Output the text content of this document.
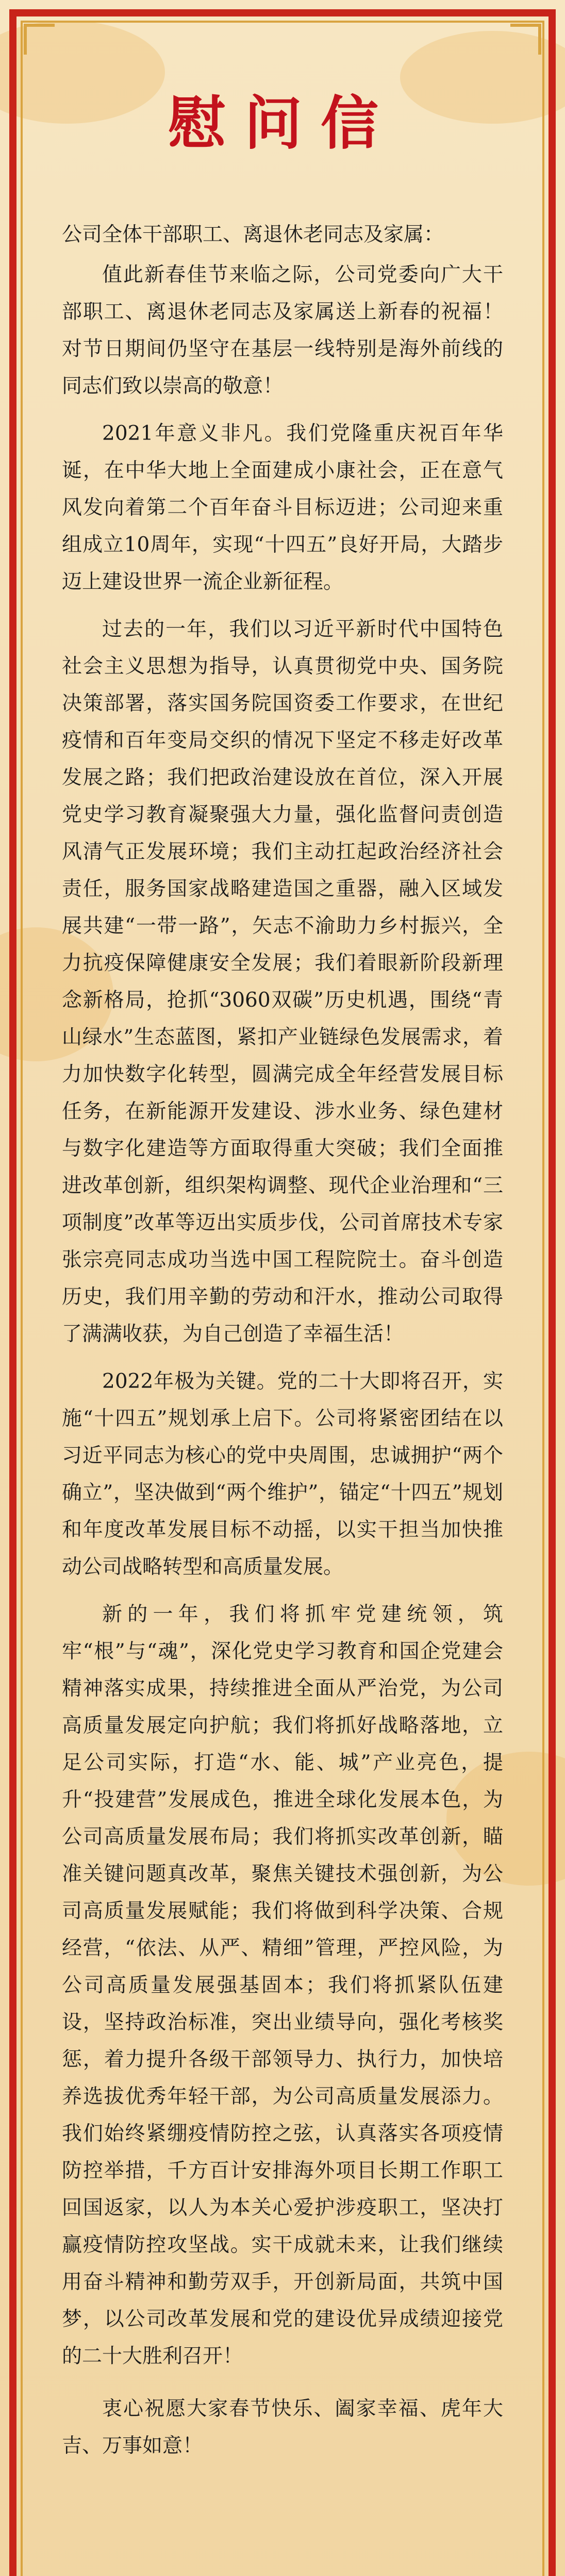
慰问信

公司全体干部职工、离退休老同志及家属：

值此新春佳节来临之际，公司党委向广大干部职工、离退休老同志及家属送上新春的祝福！对节日期间仍坚守在基层一线特别是海外前线的同志们致以崇高的敬意！

2021年意义非凡。我们党隆重庆祝百年华诞，在中华大地上全面建成小康社会，正在意气风发向着第二个百年奋斗目标迈进；公司迎来重组成立10周年，实现“十四五”良好开局，大踏步迈上建设世界一流企业新征程。

过去的一年，我们以习近平新时代中国特色社会主义思想为指导，认真贯彻党中央、国务院决策部署，落实国务院国资委工作要求，在世纪疫情和百年变局交织的情况下坚定不移走好改革发展之路；我们把政治建设放在首位，深入开展党史学习教育凝聚强大力量，强化监督问责创造风清气正发展环境；我们主动扛起政治经济社会责任，服务国家战略建造国之重器，融入区域发展共建“一带一路”，矢志不渝助力乡村振兴，全力抗疫保障健康安全发展；我们着眼新阶段新理念新格局，抢抓“3060双碳”历史机遇，围绕“青山绿水”生态蓝图，紧扣产业链绿色发展需求，着力加快数字化转型，圆满完成全年经营发展目标任务，在新能源开发建设、涉水业务、绿色建材与数字化建造等方面取得重大突破；我们全面推进改革创新，组织架构调整、现代企业治理和“三项制度”改革等迈出实质步伐，公司首席技术专家张宗亮同志成功当选中国工程院院士。奋斗创造历史，我们用辛勤的劳动和汗水，推动公司取得了满满收获，为自己创造了幸福生活！

2022年极为关键。党的二十大即将召开，实施“十四五”规划承上启下。公司将紧密团结在以习近平同志为核心的党中央周围，忠诚拥护“两个确立”，坚决做到“两个维护”，锚定“十四五”规划和年度改革发展目标不动摇，以实干担当加快推动公司战略转型和高质量发展。

新的一年，我们将抓牢党建统领，筑牢“根”与“魂”，深化党史学习教育和国企党建会精神落实成果，持续推进全面从严治党，为公司高质量发展定向护航；我们将抓好战略落地，立足公司实际，打造“水、能、城”产业亮色，提升“投建营”发展成色，推进全球化发展本色，为公司高质量发展布局；我们将抓实改革创新，瞄准关键问题真改革，聚焦关键技术强创新，为公司高质量发展赋能；我们将做到科学决策、合规经营，“依法、从严、精细”管理，严控风险，为公司高质量发展强基固本；我们将抓紧队伍建设，坚持政治标准，突出业绩导向，强化考核奖惩，着力提升各级干部领导力、执行力，加快培养选拔优秀年轻干部，为公司高质量发展添力。我们始终紧绷疫情防控之弦，认真落实各项疫情防控举措，千方百计安排海外项目长期工作职工回国返家，以人为本关心爱护涉疫职工，坚决打赢疫情防控攻坚战。实干成就未来，让我们继续用奋斗精神和勤劳双手，开创新局面，共筑中国梦，以公司改革发展和党的建设优异成绩迎接党的二十大胜利召开！

衷心祝愿大家春节快乐、阖家幸福、虎年大吉、万事如意！
